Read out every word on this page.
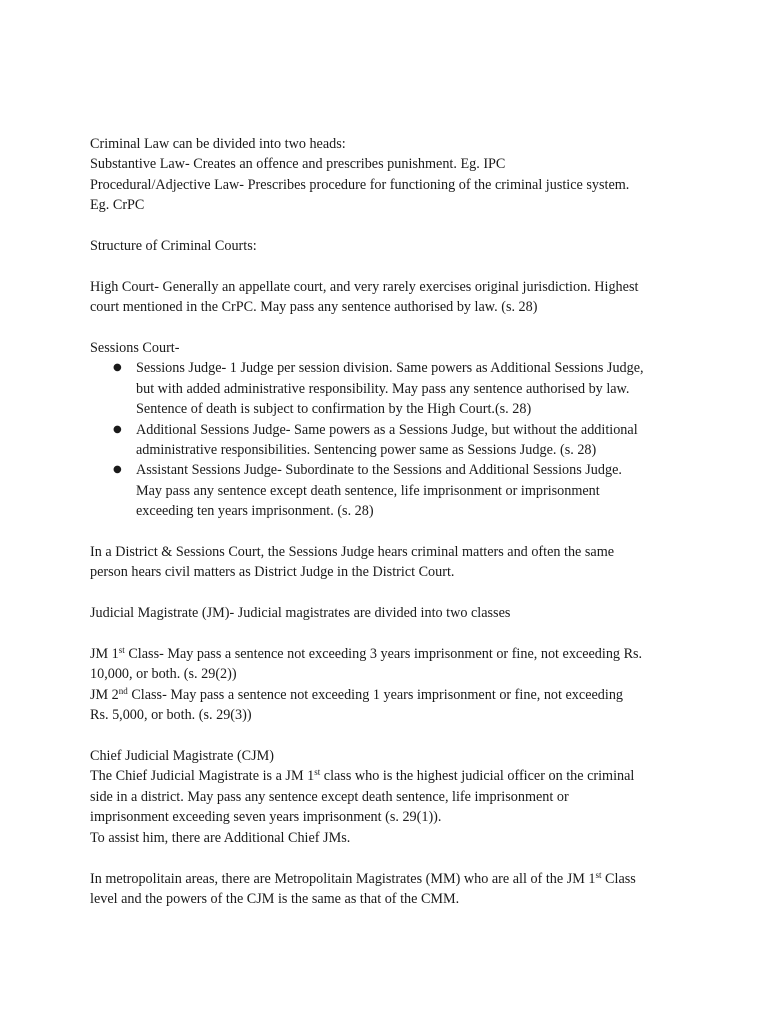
Criminal Law can be divided into two heads:

Substantive Law- Creates an offence and prescribes punishment. Eg. IPC

Procedural/Adjective Law- Prescribes procedure for functioning of the criminal justice system.
Eg. CrPC

Structure of Criminal Courts:

High Court- Generally an appellate court, and very rarely exercises original jurisdiction. Highest
court mentioned in the CrPC. May pass any sentence authorised by law. (s. 28)

Sessions Court-

● Sessions Judge- 1 Judge per session division. Same powers as Additional Sessions Judge,
but with added administrative responsibility. May pass any sentence authorised by law.
Sentence of death is subject to confirmation by the High Court.(s. 28)
● Additional Sessions Judge- Same powers as a Sessions Judge, but without the additional
administrative responsibilities. Sentencing power same as Sessions Judge. (s. 28)
● Assistant Sessions Judge- Subordinate to the Sessions and Additional Sessions Judge.
May pass any sentence except death sentence, life imprisonment or imprisonment
exceeding ten years imprisonment. (s. 28)

In a District & Sessions Court, the Sessions Judge hears criminal matters and often the same
person hears civil matters as District Judge in the District Court.

Judicial Magistrate (JM)- Judicial magistrates are divided into two classes

JM 1st Class- May pass a sentence not exceeding 3 years imprisonment or fine, not exceeding Rs.
10,000, or both. (s. 29(2))

JM 2nd Class- May pass a sentence not exceeding 1 years imprisonment or fine, not exceeding
Rs. 5,000, or both. (s. 29(3))

Chief Judicial Magistrate (CJM)

The Chief Judicial Magistrate is a JM 1st class who is the highest judicial officer on the criminal
side in a district. May pass any sentence except death sentence, life imprisonment or
imprisonment exceeding seven years imprisonment (s. 29(1)).
To assist him, there are Additional Chief JMs.

In metropolitain areas, there are Metropolitain Magistrates (MM) who are all of the JM 1st Class
level and the powers of the CJM is the same as that of the CMM.
